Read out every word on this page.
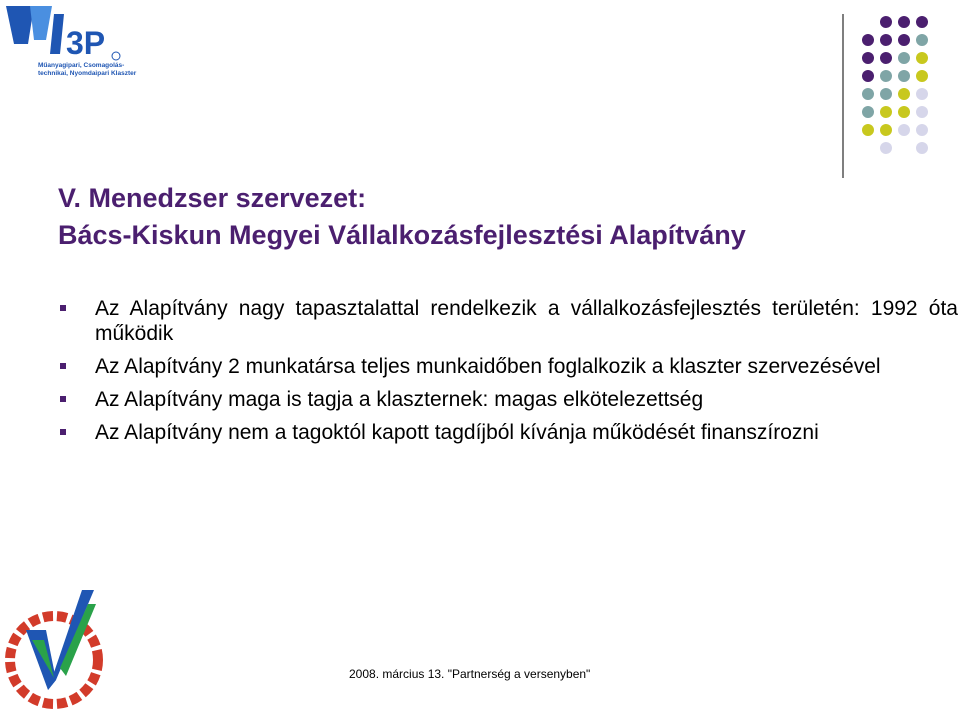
3P
Műanyagipari, Csomagolás-technikai, Nyomdaipari Klaszter
V. Menedzser szervezet:
Bács-Kiskun Megyei Vállalkozásfejlesztési Alapítvány
Az Alapítvány nagy tapasztalattal rendelkezik a vállalkozásfejlesztés területén: 1992 óta működik
Az Alapítvány 2 munkatársa teljes munkaidőben foglalkozik a klaszter szervezésével
Az Alapítvány maga is tagja a klaszternek: magas elkötelezettség
Az Alapítvány nem a tagoktól kapott tagdíjból kívánja működését finanszírozni
2008. március 13. "Partnerség a versenyben"
